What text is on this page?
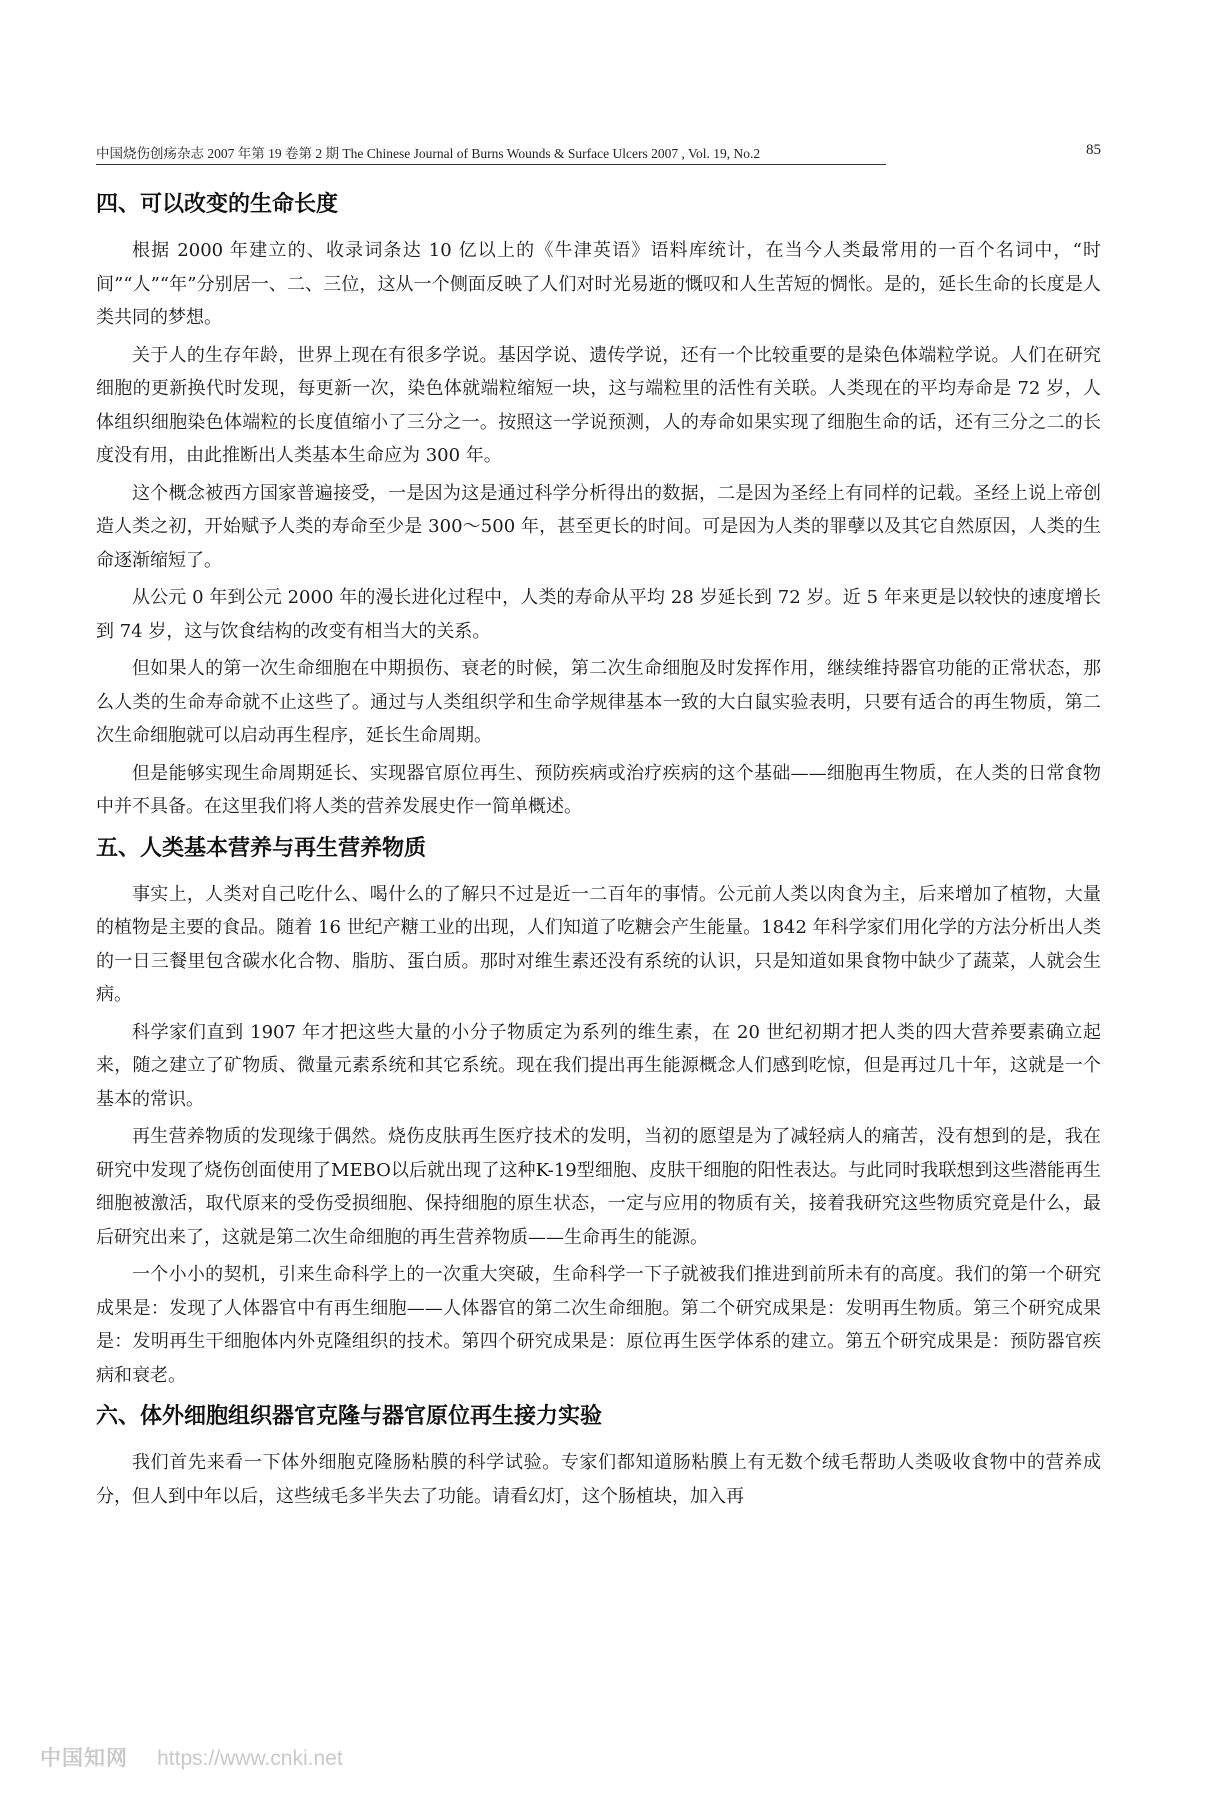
中国烧伤创疡杂志 2007 年第 19 卷第 2 期 The Chinese Journal of Burns Wounds & Surface Ulcers 2007 , Vol. 19, No.2	85
四、可以改变的生命长度

根据 2000 年建立的、收录词条达 10 亿以上的《牛津英语》语料库统计，在当今人类最常用的一百个名词中，“时间”“人”“年”分别居一、二、三位，这从一个侧面反映了人们对时光易逝的慨叹和人生苦短的惆怅。是的，延长生命的长度是人类共同的梦想。

关于人的生存年龄，世界上现在有很多学说。基因学说、遗传学说，还有一个比较重要的是染色体端粒学说。人们在研究细胞的更新换代时发现，每更新一次，染色体就端粒缩短一块，这与端粒里的活性有关联。人类现在的平均寿命是 72 岁，人体组织细胞染色体端粒的长度值缩小了三分之一。按照这一学说预测，人的寿命如果实现了细胞生命的话，还有三分之二的长度没有用，由此推断出人类基本生命应为 300 年。

这个概念被西方国家普遍接受，一是因为这是通过科学分析得出的数据，二是因为圣经上有同样的记载。圣经上说上帝创造人类之初，开始赋予人类的寿命至少是 300～500 年，甚至更长的时间。可是因为人类的罪孽以及其它自然原因，人类的生命逐渐缩短了。

从公元 0 年到公元 2000 年的漫长进化过程中，人类的寿命从平均 28 岁延长到 72 岁。近 5 年来更是以较快的速度增长到 74 岁，这与饮食结构的改变有相当大的关系。

但如果人的第一次生命细胞在中期损伤、衰老的时候，第二次生命细胞及时发挥作用，继续维持器官功能的正常状态，那么人类的生命寿命就不止这些了。通过与人类组织学和生命学规律基本一致的大白鼠实验表明，只要有适合的再生物质，第二次生命细胞就可以启动再生程序，延长生命周期。

但是能够实现生命周期延长、实现器官原位再生、预防疾病或治疗疾病的这个基础——细胞再生物质，在人类的日常食物中并不具备。在这里我们将人类的营养发展史作一简单概述。

五、人类基本营养与再生营养物质

事实上，人类对自己吃什么、喝什么的了解只不过是近一二百年的事情。公元前人类以肉食为主，后来增加了植物，大量的植物是主要的食品。随着 16 世纪产糖工业的出现，人们知道了吃糖会产生能量。1842 年科学家们用化学的方法分析出人类的一日三餐里包含碳水化合物、脂肪、蛋白质。那时对维生素还没有系统的认识，只是知道如果食物中缺少了蔬菜，人就会生病。

科学家们直到 1907 年才把这些大量的小分子物质定为系列的维生素，在 20 世纪初期才把人类的四大营养要素确立起来，随之建立了矿物质、微量元素系统和其它系统。现在我们提出再生能源概念人们感到吃惊，但是再过几十年，这就是一个基本的常识。

再生营养物质的发现缘于偶然。烧伤皮肤再生医疗技术的发明，当初的愿望是为了减轻病人的痛苦，没有想到的是，我在研究中发现了烧伤创面使用了MEBO以后就出现了这种K-19型细胞、皮肤干细胞的阳性表达。与此同时我联想到这些潜能再生细胞被激活，取代原来的受伤受损细胞、保持细胞的原生状态，一定与应用的物质有关，接着我研究这些物质究竟是什么，最后研究出来了，这就是第二次生命细胞的再生营养物质——生命再生的能源。

一个小小的契机，引来生命科学上的一次重大突破，生命科学一下子就被我们推进到前所未有的高度。我们的第一个研究成果是：发现了人体器官中有再生细胞——人体器官的第二次生命细胞。第二个研究成果是：发明再生物质。第三个研究成果是：发明再生干细胞体内外克隆组织的技术。第四个研究成果是：原位再生医学体系的建立。第五个研究成果是：预防器官疾病和衰老。

六、体外细胞组织器官克隆与器官原位再生接力实验

我们首先来看一下体外细胞克隆肠粘膜的科学试验。专家们都知道肠粘膜上有无数个绒毛帮助人类吸收食物中的营养成分，但人到中年以后，这些绒毛多半失去了功能。请看幻灯，这个肠植块，加入再

中国知网 https://www.cnki.net
